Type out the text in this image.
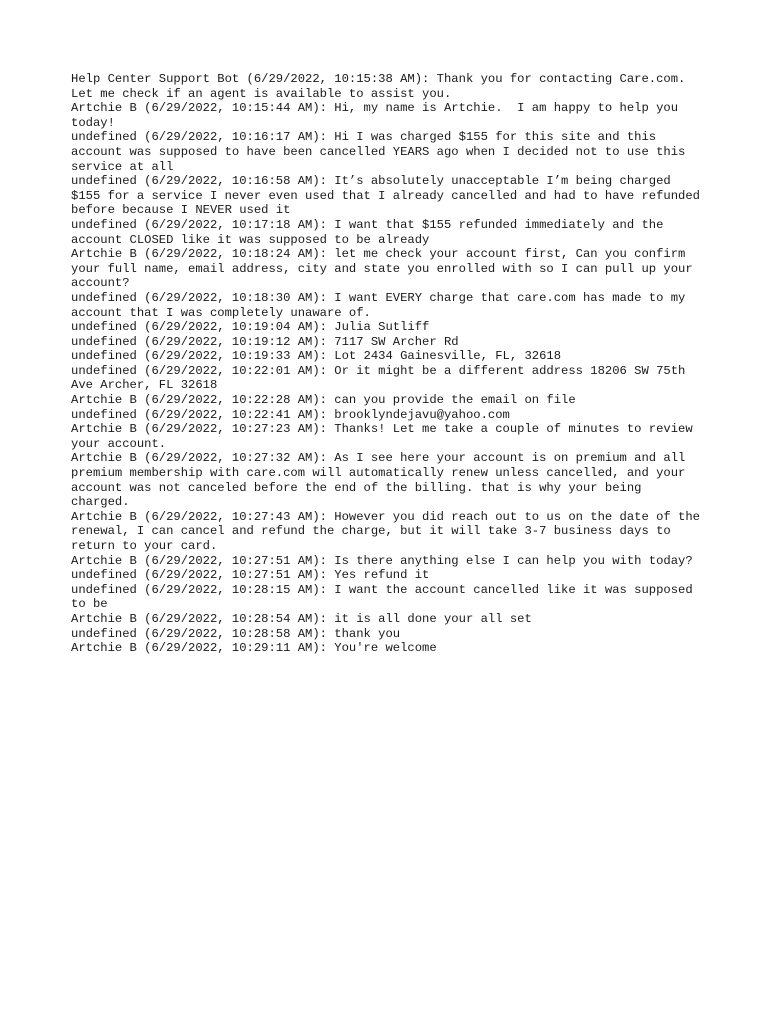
Help Center Support Bot (6/29/2022, 10:15:38 AM): Thank you for contacting Care.com. Let me check if an agent is available to assist you.

Artchie B (6/29/2022, 10:15:44 AM): Hi, my name is Artchie.  I am happy to help you today!

undefined (6/29/2022, 10:16:17 AM): Hi I was charged $155 for this site and this account was supposed to have been cancelled YEARS ago when I decided not to use this service at all

undefined (6/29/2022, 10:16:58 AM): It’s absolutely unacceptable I’m being charged $155 for a service I never even used that I already cancelled and had to have refunded before because I NEVER used it

undefined (6/29/2022, 10:17:18 AM): I want that $155 refunded immediately and the account CLOSED like it was supposed to be already

Artchie B (6/29/2022, 10:18:24 AM): let me check your account first, Can you confirm your full name, email address, city and state you enrolled with so I can pull up your account?

undefined (6/29/2022, 10:18:30 AM): I want EVERY charge that care.com has made to my account that I was completely unaware of.

undefined (6/29/2022, 10:19:04 AM): Julia Sutliff

undefined (6/29/2022, 10:19:12 AM): 7117 SW Archer Rd

undefined (6/29/2022, 10:19:33 AM): Lot 2434 Gainesville, FL, 32618

undefined (6/29/2022, 10:22:01 AM): Or it might be a different address 18206 SW 75th Ave Archer, FL 32618

Artchie B (6/29/2022, 10:22:28 AM): can you provide the email on file

undefined (6/29/2022, 10:22:41 AM): brooklyndejavu@yahoo.com

Artchie B (6/29/2022, 10:27:23 AM): Thanks! Let me take a couple of minutes to review your account.

Artchie B (6/29/2022, 10:27:32 AM): As I see here your account is on premium and all premium membership with care.com will automatically renew unless cancelled, and your account was not canceled before the end of the billing. that is why your being charged.

Artchie B (6/29/2022, 10:27:43 AM): However you did reach out to us on the date of the renewal, I can cancel and refund the charge, but it will take 3-7 business days to return to your card.

Artchie B (6/29/2022, 10:27:51 AM): Is there anything else I can help you with today?

undefined (6/29/2022, 10:27:51 AM): Yes refund it

undefined (6/29/2022, 10:28:15 AM): I want the account cancelled like it was supposed to be

Artchie B (6/29/2022, 10:28:54 AM): it is all done your all set

undefined (6/29/2022, 10:28:58 AM): thank you

Artchie B (6/29/2022, 10:29:11 AM): You're welcome
